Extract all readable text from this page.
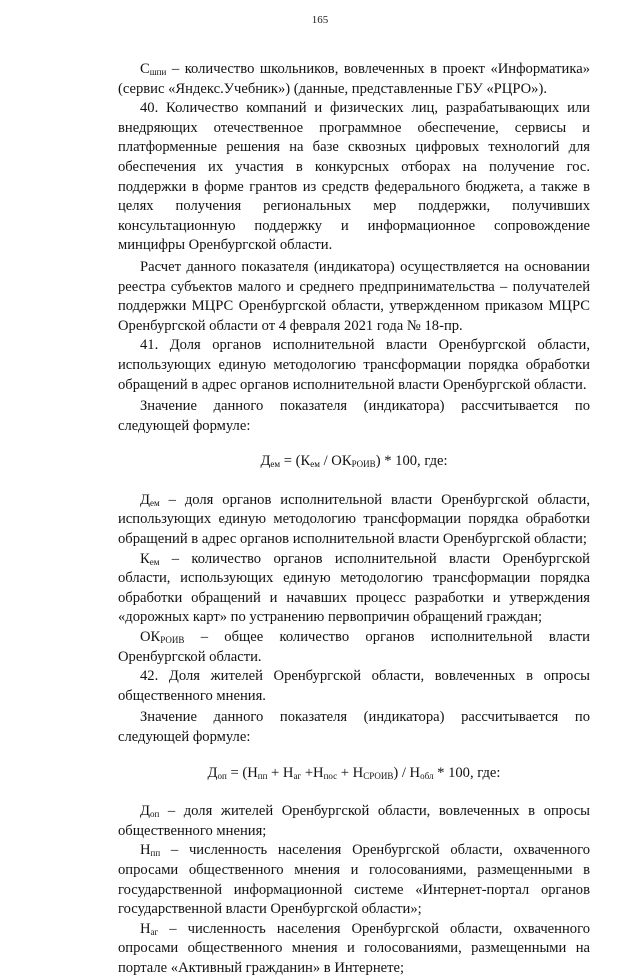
165

$С_{шпи}$ – количество школьников, вовлеченных в проект «Информатика» (сервис «Яндекс.Учебник») (данные, представленные ГБУ «РЦРО»).

40. Количество компаний и физических лиц, разрабатывающих или внедряющих отечественное программное обеспечение, сервисы и платформенные решения на базе сквозных цифровых технологий для обеспечения их участия в конкурсных отборах на получение гос. поддержки в форме грантов из средств федерального бюджета, а также в целях получения региональных мер поддержки, получивших консультационную поддержку и информационное сопровождение минцифры Оренбургской области.

Расчет данного показателя (индикатора) осуществляется на основании реестра субъектов малого и среднего предпринимательства – получателей поддержки МЦРС Оренбургской области, утвержденном приказом МЦРС Оренбургской области от 4 февраля 2021 года № 18-пр.

41. Доля органов исполнительной власти Оренбургской области, использующих единую методологию трансформации порядка обработки обращений в адрес органов исполнительной власти Оренбургской области.

Значение данного показателя (индикатора) рассчитывается по следующей формуле:

$Д_{ем} = (К_{ем} / ОК_{РОИВ}) * 100$, где:

$Д_{ем}$ – доля органов исполнительной власти Оренбургской области, использующих единую методологию трансформации порядка обработки обращений в адрес органов исполнительной власти Оренбургской области;

$К_{ем}$ – количество органов исполнительной власти Оренбургской области, использующих единую методологию трансформации порядка обработки обращений и начавших процесс разработки и утверждения «дорожных карт» по устранению первопричин обращений граждан;

$ОК_{РОИВ}$ – общее количество органов исполнительной власти Оренбургской области.

42. Доля жителей Оренбургской области, вовлеченных в опросы общественного мнения.

Значение данного показателя (индикатора) рассчитывается по следующей формуле:

$Д_{оп} = (Н_{пп} + Н_{аг} +Н_{пос} + Н_{СРОИВ}) / Н_{обл} * 100$, где:

$Д_{оп}$ – доля жителей Оренбургской области, вовлеченных в опросы общественного мнения;

$Н_{пп}$ – численность населения Оренбургской области, охваченного опросами общественного мнения и голосованиями, размещенными в государственной информационной системе «Интернет-портал органов государственной власти Оренбургской области»;

$Н_{аг}$ – численность населения Оренбургской области, охваченного опросами общественного мнения и голосованиями, размещенными на портале «Активный гражданин» в Интернете;
